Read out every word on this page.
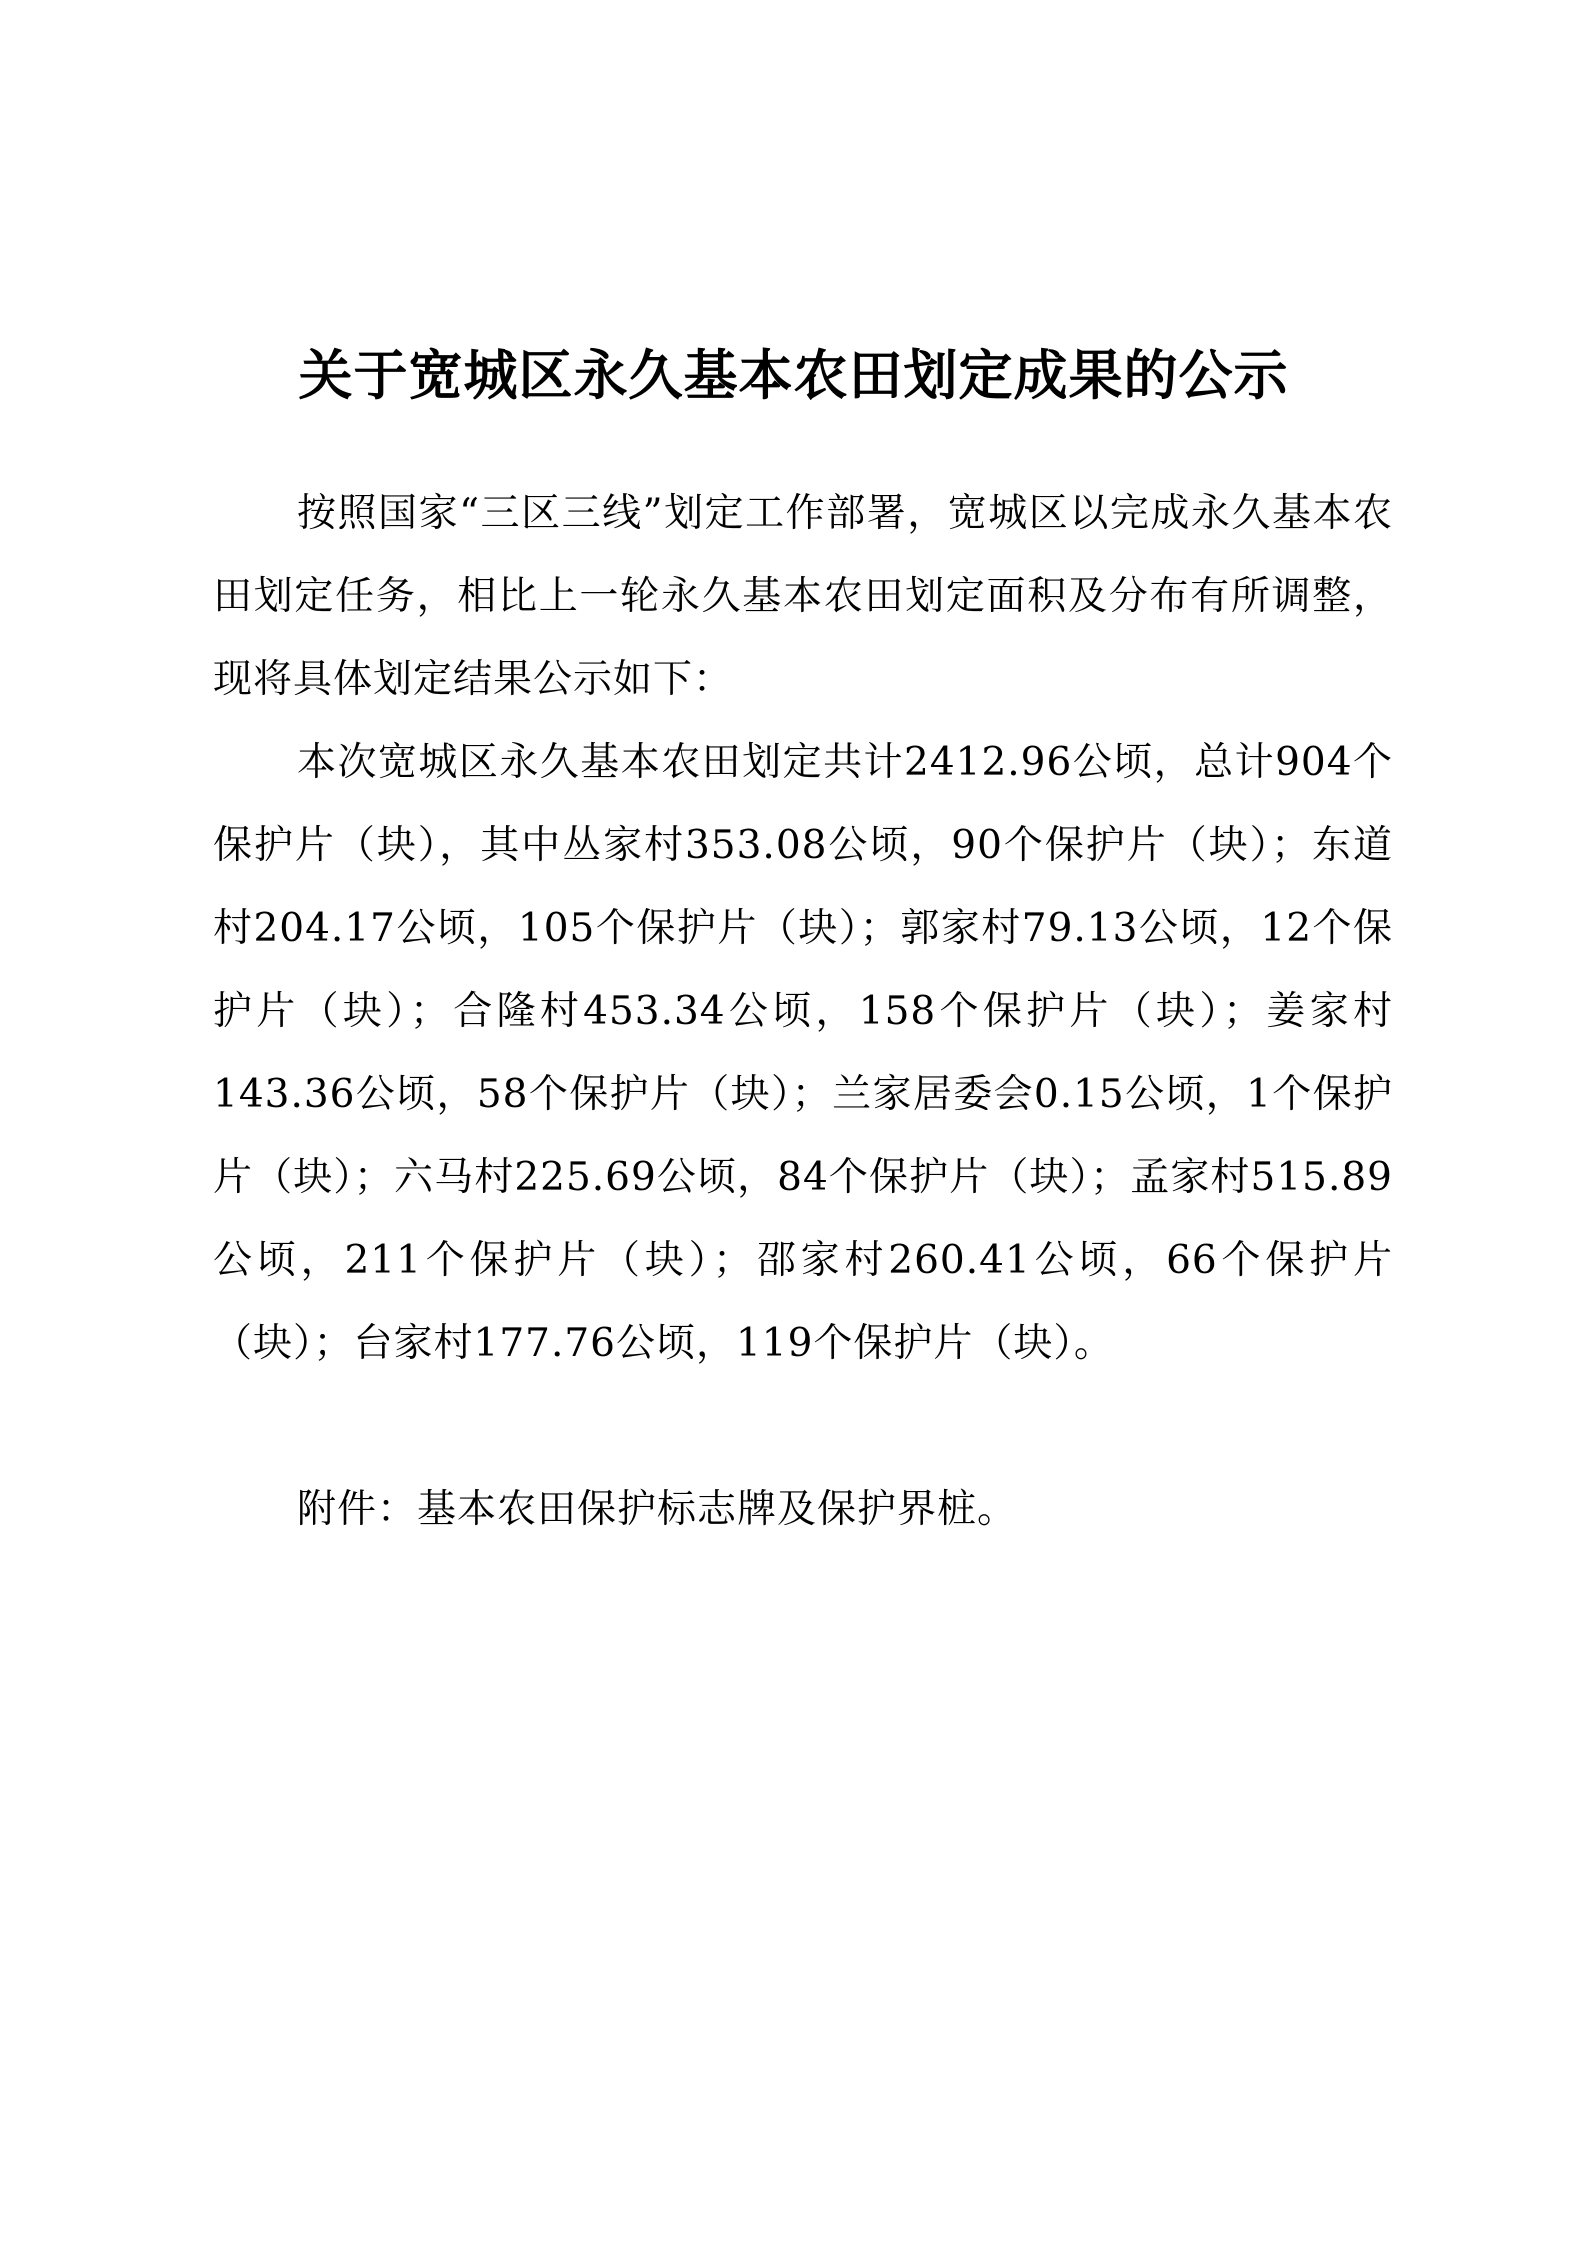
关于宽城区永久基本农田划定成果的公示

按照国家“三区三线”划定工作部署，宽城区以完成永久基本农田划定任务，相比上一轮永久基本农田划定面积及分布有所调整，现将具体划定结果公示如下：

本次宽城区永久基本农田划定共计2412.96公顷，总计904个保护片（块），其中丛家村353.08公顷，90个保护片（块）；东道村204.17公顷，105个保护片（块）；郭家村79.13公顷，12个保护片（块）；合隆村453.34公顷，158个保护片（块）；姜家村143.36公顷，58个保护片（块）；兰家居委会0.15公顷，1个保护片（块）；六马村225.69公顷，84个保护片（块）；孟家村515.89公顷，211个保护片（块）；邵家村260.41公顷，66个保护片（块）；台家村177.76公顷，119个保护片（块）。

附件：基本农田保护标志牌及保护界桩。
